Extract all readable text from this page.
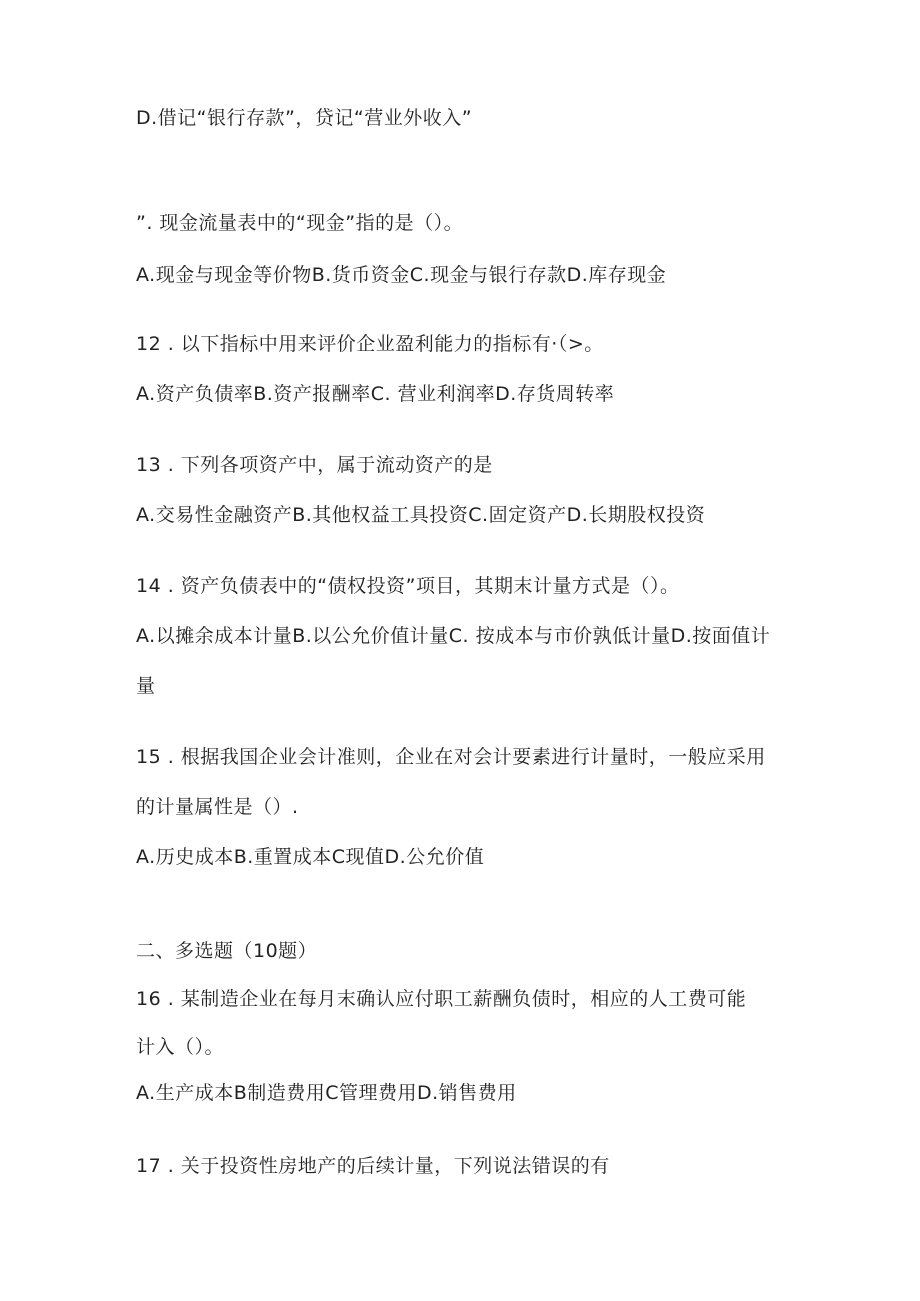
D.借记“银行存款”，贷记“营业外收入”
”. 现金流量表中的“现金”指的是（）。
A.现金与现金等价物B.货币资金C.现金与银行存款D.库存现金
12 . 以下指标中用来评价企业盈利能力的指标有·（>。
A.资产负债率B.资产报酬率C. 营业利润率D.存货周转率
13 . 下列各项资产中，属于流动资产的是
A.交易性金融资产B.其他权益工具投资C.固定资产D.长期股权投资
14 . 资产负债表中的“债权投资”项目，其期末计量方式是（）。
A.以摊余成本计量B.以公允价值计量C. 按成本与市价孰低计量D.按面值计
量
15 . 根据我国企业会计准则，企业在对会计要素进行计量时，一般应采用
的计量属性是（）.
A.历史成本B.重置成本C现值D.公允价值
二、多选题（10题）
16 . 某制造企业在每月末确认应付职工薪酬负债时，相应的人工费可能
计入（）。
A.生产成本B制造费用C管理费用D.销售费用
17 . 关于投资性房地产的后续计量，下列说法错误的有
